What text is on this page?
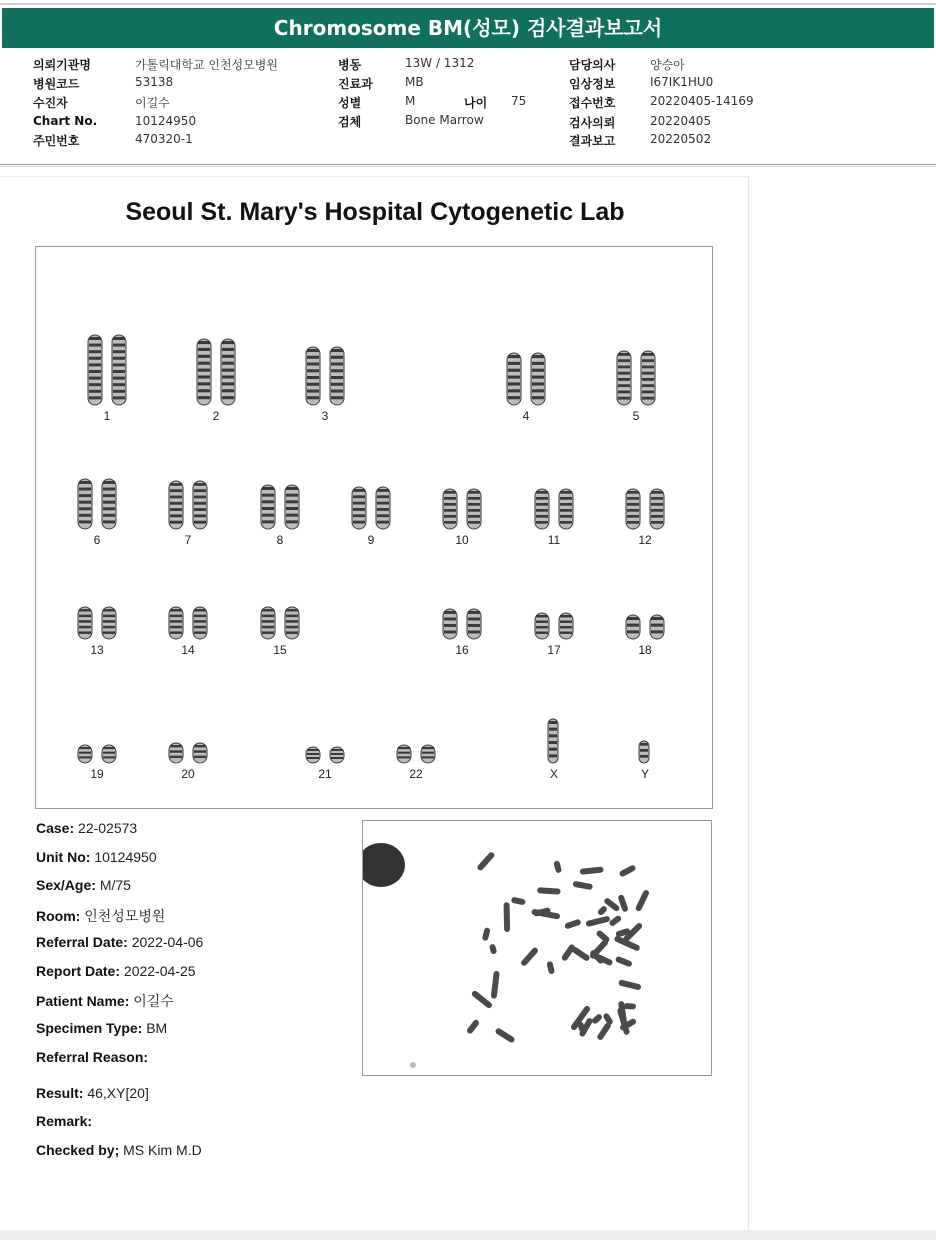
Chromosome BM(성모) 검사결과보고서
의뢰기관명	가톨릭대학교 인천성모병원
병원코드	53138
수진자	이길수
Chart No.	10124950
주민번호	470320-1
병동	13W / 1312
진료과	MB
성별	M	나이 75
검체	Bone Marrow
담당의사	양승아
임상정보	I67IK1HU0
접수번호	20220405-14169
검사의뢰	20220405
결과보고	20220502
Seoul St. Mary's Hospital Cytogenetic Lab
1	2	3	4	5
6	7	8	9	10	11	12
13	14	15	16	17	18
19	20	21	22	X	Y
Case: 22-02573
Unit No: 10124950
Sex/Age: M/75
Room: 인천성모병원
Referral Date: 2022-04-06
Report Date: 2022-04-25
Patient Name: 이길수
Specimen Type: BM
Referral Reason:
Result: 46,XY[20]
Remark:
Checked by; MS Kim M.D
